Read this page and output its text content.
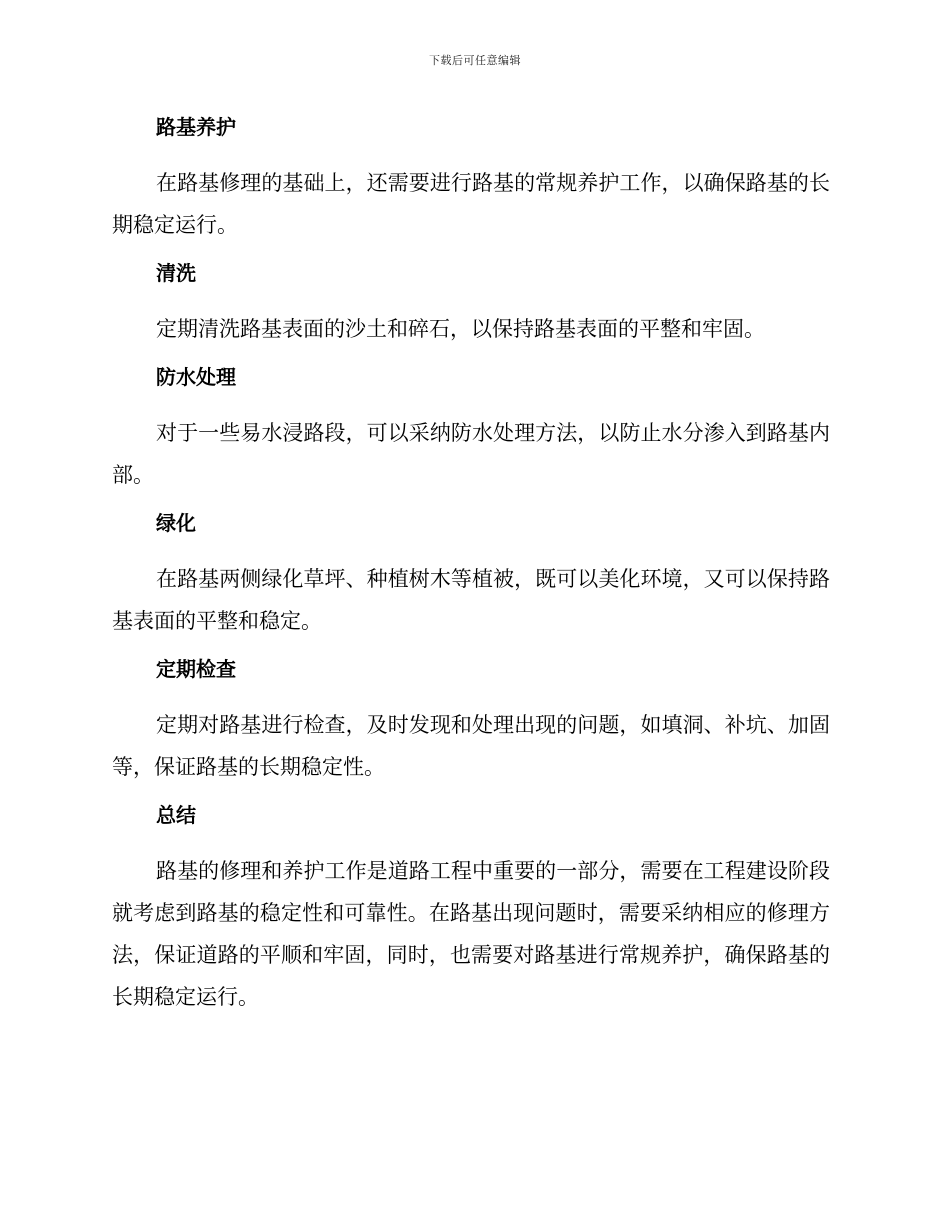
下载后可任意编辑
路基养护

在路基修理的基础上，还需要进行路基的常规养护工作，以确保路基的长期稳定运行。

清洗

定期清洗路基表面的沙土和碎石，以保持路基表面的平整和牢固。

防水处理

对于一些易水浸路段，可以采纳防水处理方法，以防止水分渗入到路基内部。

绿化

在路基两侧绿化草坪、种植树木等植被，既可以美化环境，又可以保持路基表面的平整和稳定。

定期检查

定期对路基进行检查，及时发现和处理出现的问题，如填洞、补坑、加固等，保证路基的长期稳定性。

总结

路基的修理和养护工作是道路工程中重要的一部分，需要在工程建设阶段就考虑到路基的稳定性和可靠性。在路基出现问题时，需要采纳相应的修理方法，保证道路的平顺和牢固，同时，也需要对路基进行常规养护，确保路基的长期稳定运行。
